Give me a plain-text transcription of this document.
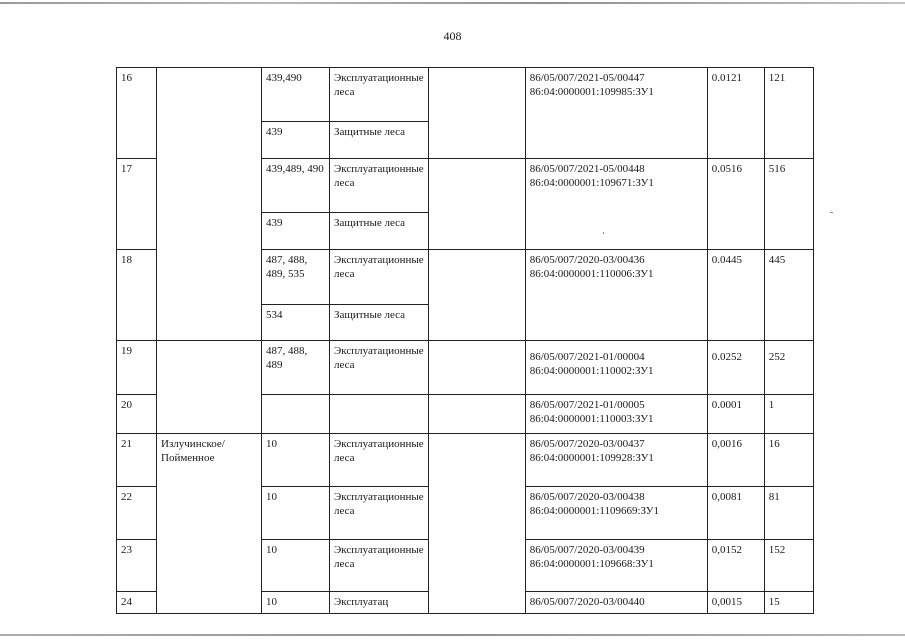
408
16		439,490	Эксплуатационные леса		86/05/007/2021-05/00447
86:04:0000001:109985:ЗУ1	0.0121	121
		439	Защитные леса				
17		439,489, 490	Эксплуатационные леса		86/05/007/2021-05/00448
86:04:0000001:109671:ЗУ1	0.0516	516
		439	Защитные леса				
18		487, 488, 489, 535	Эксплуатационные леса		86/05/007/2020-03/00436
86:04:0000001:110006:ЗУ1	0.0445	445
		534	Защитные леса				
19		487, 488, 489	Эксплуатационные леса		86/05/007/2021-01/00004
86:04:0000001:110002:ЗУ1	0.0252	252
20					86/05/007/2021-01/00005
86:04:0000001:110003:ЗУ1	0.0001	1
21	Излучинское/Пойменное	10	Эксплуатационные леса		86/05/007/2020-03/00437
86:04:0000001:109928:ЗУ1	0,0016	16
22		10	Эксплуатационные леса		86/05/007/2020-03/00438
86:04:0000001:1109669:ЗУ1	0,0081	81
23		10	Эксплуатационные леса		86/05/007/2020-03/00439
86:04:0000001:109668:ЗУ1	0,0152	152
24		10	Эксплуатац		86/05/007/2020-03/00440	0,0015	15
